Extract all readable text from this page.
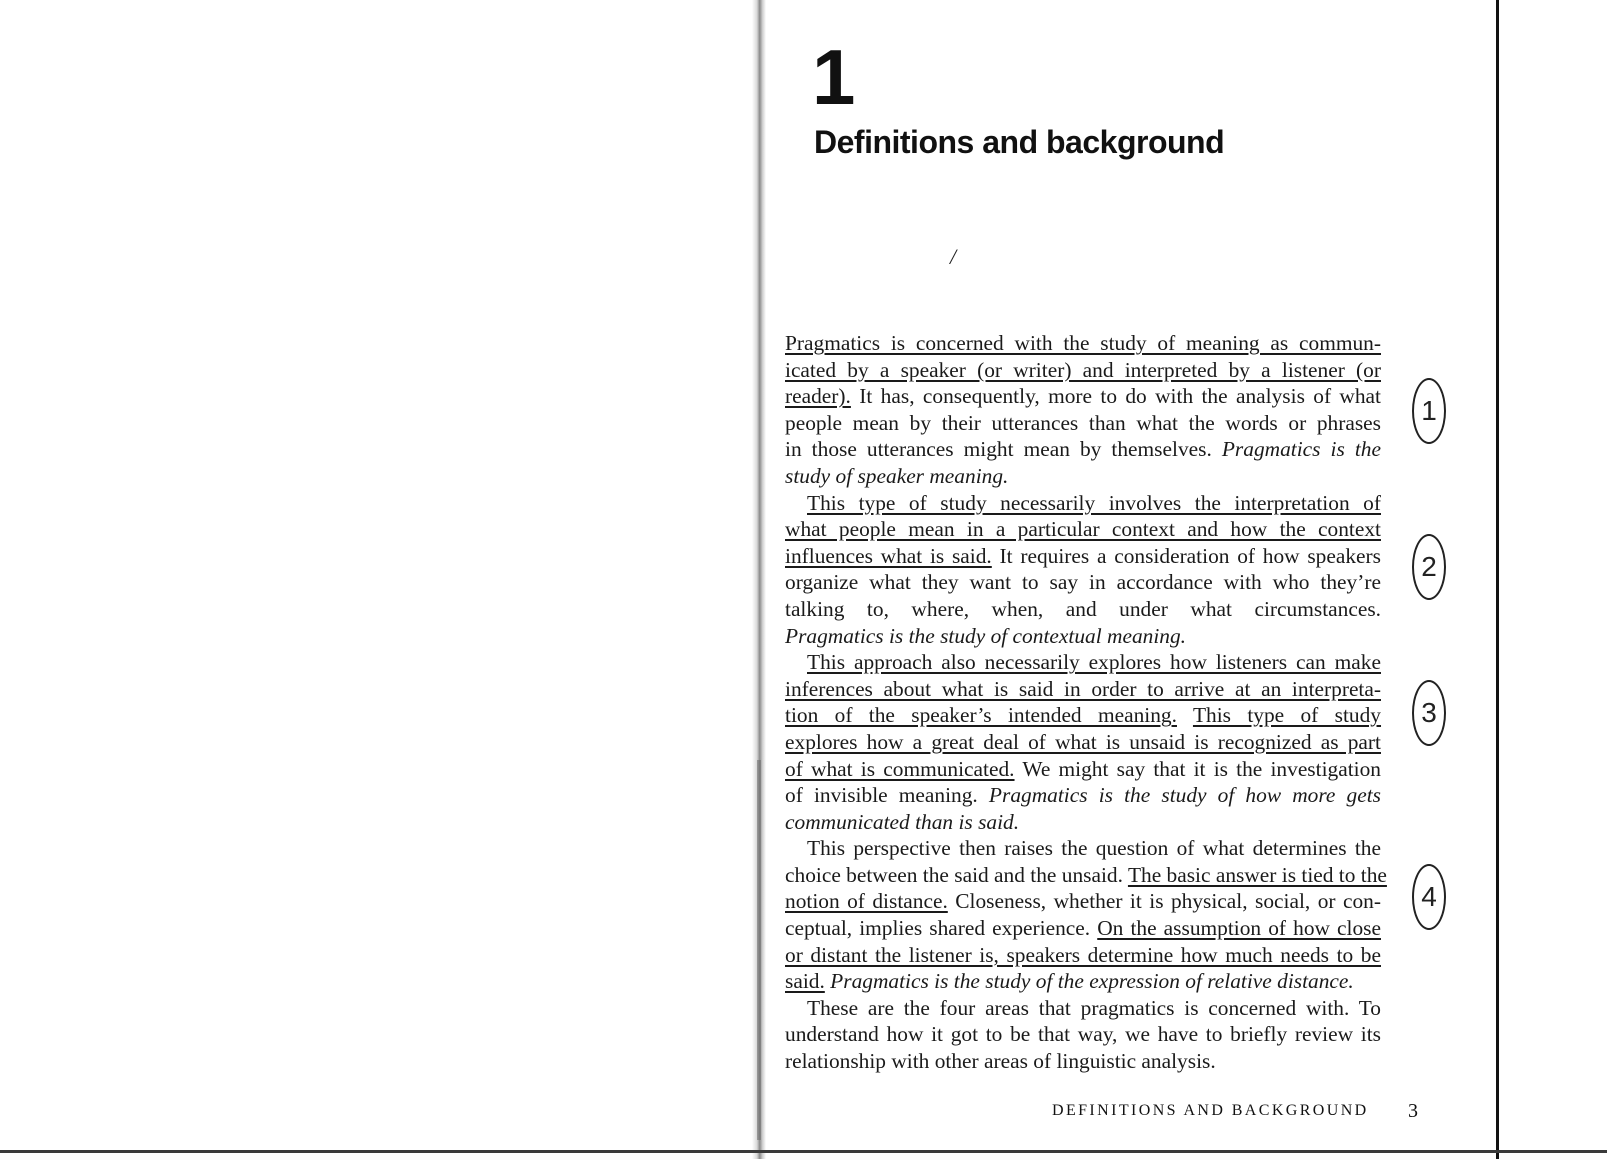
1
Definitions and background
/
Pragmatics is concerned with the study of meaning as commun-
icated by a speaker (or writer) and interpreted by a listener (or
reader). It has, consequently, more to do with the analysis of what
people mean by their utterances than what the words or phrases
in those utterances might mean by themselves. Pragmatics is the
study of speaker meaning.
This type of study necessarily involves the interpretation of
what people mean in a particular context and how the context
influences what is said. It requires a consideration of how speakers
organize what they want to say in accordance with who they’re
talking to, where, when, and under what circumstances.
Pragmatics is the study of contextual meaning.
This approach also necessarily explores how listeners can make
inferences about what is said in order to arrive at an interpreta-
tion of the speaker’s intended meaning. This type of study
explores how a great deal of what is unsaid is recognized as part
of what is communicated. We might say that it is the investigation
of invisible meaning. Pragmatics is the study of how more gets
communicated than is said.
This perspective then raises the question of what determines the
choice between the said and the unsaid. The basic answer is tied to the
notion of distance. Closeness, whether it is physical, social, or con-
ceptual, implies shared experience. On the assumption of how close
or distant the listener is, speakers determine how much needs to be
said. Pragmatics is the study of the expression of relative distance.
These are the four areas that pragmatics is concerned with. To
understand how it got to be that way, we have to briefly review its
relationship with other areas of linguistic analysis.
1
2
3
4
DEFINITIONS AND BACKGROUND 3
